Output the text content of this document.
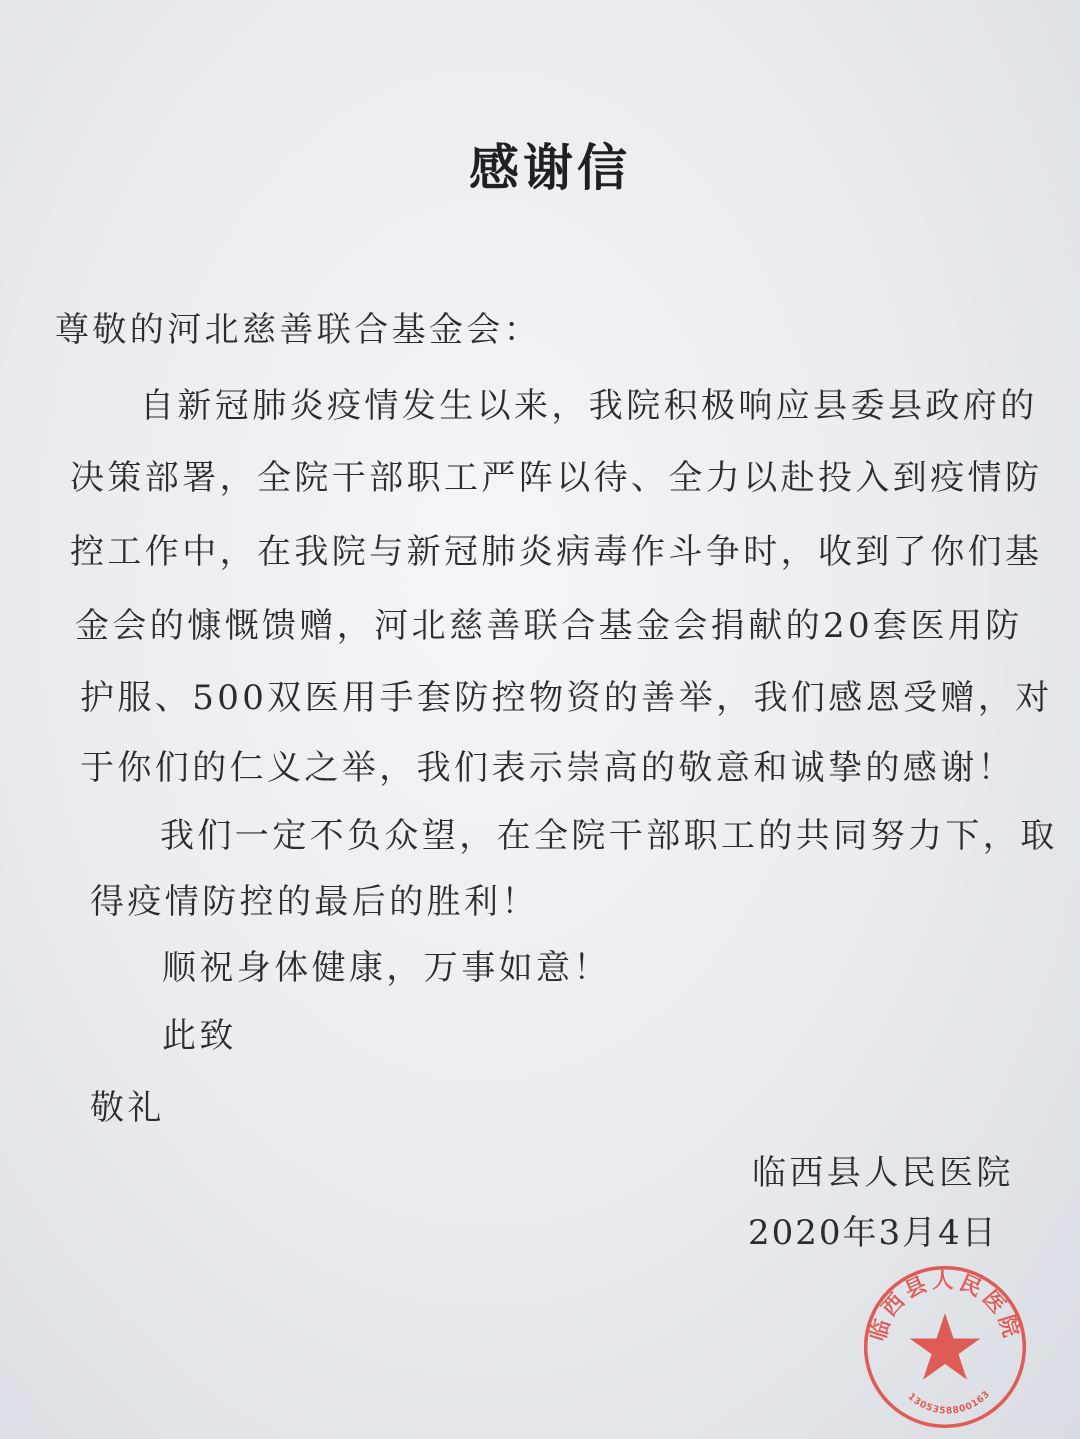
感谢信
尊敬的河北慈善联合基金会：
自新冠肺炎疫情发生以来，我院积极响应县委县政府的
决策部署，全院干部职工严阵以待、全力以赴投入到疫情防
控工作中，在我院与新冠肺炎病毒作斗争时，收到了你们基
金会的慷慨馈赠，河北慈善联合基金会捐献的20套医用防
护服、500双医用手套防控物资的善举，我们感恩受赠，对
于你们的仁义之举，我们表示崇高的敬意和诚挚的感谢！
我们一定不负众望，在全院干部职工的共同努力下，取
得疫情防控的最后的胜利！
顺祝身体健康，万事如意！
此致
敬礼
临西县人民医院
2020年3月4日
临西县人民医院
1305358800163
